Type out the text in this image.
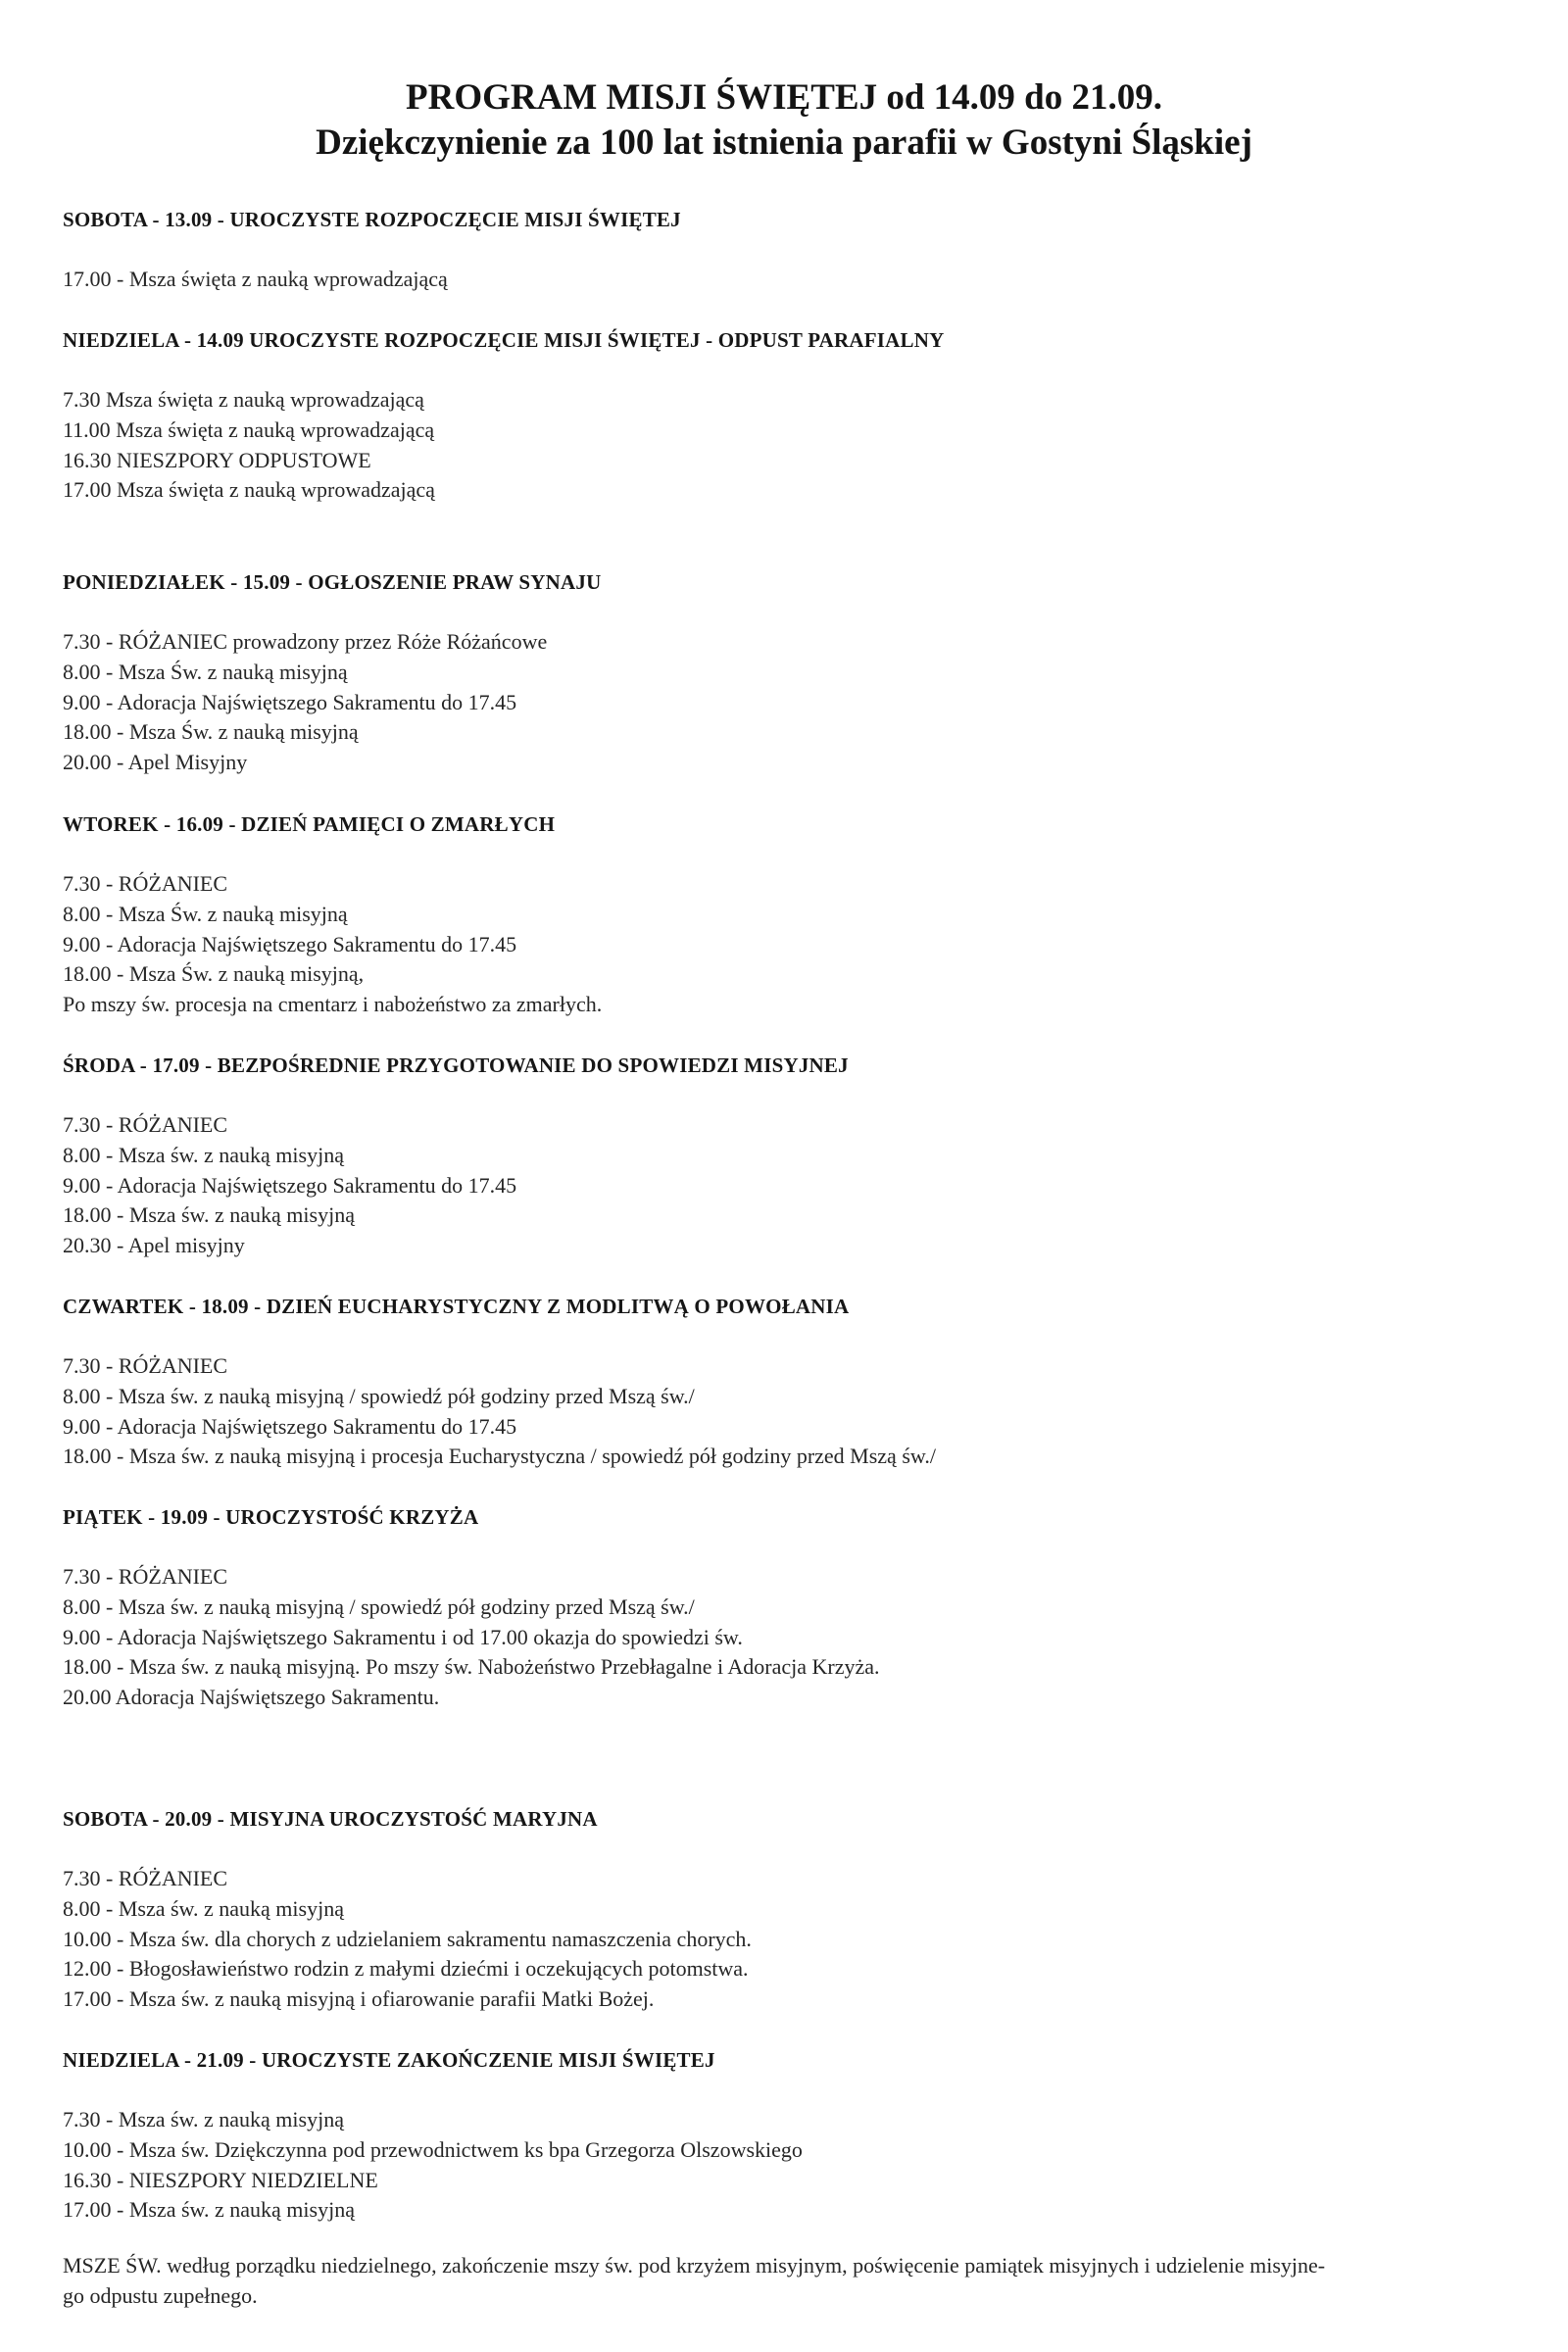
PROGRAM MISJI ŚWIĘTEJ od 14.09 do 21.09.
Dziękczynienie za 100 lat istnienia parafii w Gostyni Śląskiej

SOBOTA - 13.09 - UROCZYSTE ROZPOCZĘCIE MISJI ŚWIĘTEJ

17.00 - Msza święta z nauką wprowadzającą

NIEDZIELA - 14.09 UROCZYSTE ROZPOCZĘCIE MISJI ŚWIĘTEJ - ODPUST PARAFIALNY

7.30 Msza święta z nauką wprowadzającą

11.00 Msza święta z nauką wprowadzającą

16.30 NIESZPORY ODPUSTOWE

17.00 Msza święta z nauką wprowadzającą

PONIEDZIAŁEK - 15.09 - OGŁOSZENIE PRAW SYNAJU

7.30 - RÓŻANIEC prowadzony przez Róże Różańcowe

8.00 - Msza Św. z nauką misyjną

9.00 - Adoracja Najświętszego Sakramentu do 17.45

18.00 - Msza Św. z nauką misyjną

20.00 - Apel Misyjny

WTOREK - 16.09 - DZIEŃ PAMIĘCI O ZMARŁYCH

7.30 - RÓŻANIEC

8.00 - Msza Św. z nauką misyjną

9.00 - Adoracja Najświętszego Sakramentu do 17.45

18.00 - Msza Św. z nauką misyjną,

Po mszy św. procesja na cmentarz i nabożeństwo za zmarłych.

ŚRODA - 17.09 - BEZPOŚREDNIE PRZYGOTOWANIE DO SPOWIEDZI MISYJNEJ

7.30 - RÓŻANIEC

8.00 - Msza św. z nauką misyjną

9.00 - Adoracja Najświętszego Sakramentu do 17.45

18.00 - Msza św. z nauką misyjną

20.30 - Apel misyjny

CZWARTEK - 18.09 - DZIEŃ EUCHARYSTYCZNY Z MODLITWĄ O POWOŁANIA

7.30 - RÓŻANIEC

8.00 - Msza św. z nauką misyjną / spowiedź pół godziny przed Mszą św./

9.00 - Adoracja Najświętszego Sakramentu do 17.45

18.00 - Msza św. z nauką misyjną i procesja Eucharystyczna / spowiedź pół godziny przed Mszą św./

PIĄTEK - 19.09 - UROCZYSTOŚĆ KRZYŻA

7.30 - RÓŻANIEC

8.00 - Msza św. z nauką misyjną / spowiedź pół godziny przed Mszą św./

9.00 - Adoracja Najświętszego Sakramentu i od 17.00 okazja do spowiedzi św.

18.00 - Msza św. z nauką misyjną. Po mszy św. Nabożeństwo Przebłagalne i Adoracja Krzyża.

20.00 Adoracja Najświętszego Sakramentu.

SOBOTA - 20.09 - MISYJNA UROCZYSTOŚĆ MARYJNA

7.30 - RÓŻANIEC

8.00 - Msza św. z nauką misyjną

10.00 - Msza św. dla chorych z udzielaniem sakramentu namaszczenia chorych.

12.00 - Błogosławieństwo rodzin z małymi dziećmi i oczekujących potomstwa.

17.00 - Msza św. z nauką misyjną i ofiarowanie parafii Matki Bożej.

NIEDZIELA - 21.09 - UROCZYSTE ZAKOŃCZENIE MISJI ŚWIĘTEJ

7.30 - Msza św. z nauką misyjną

10.00 - Msza św. Dziękczynna pod przewodnictwem ks bpa Grzegorza Olszowskiego

16.30 - NIESZPORY NIEDZIELNE

17.00 - Msza św. z nauką misyjną

MSZE ŚW. według porządku niedzielnego, zakończenie mszy św. pod krzyżem misyjnym, poświęcenie pamiątek misyjnych i udzielenie misyjne-
go odpustu zupełnego.
